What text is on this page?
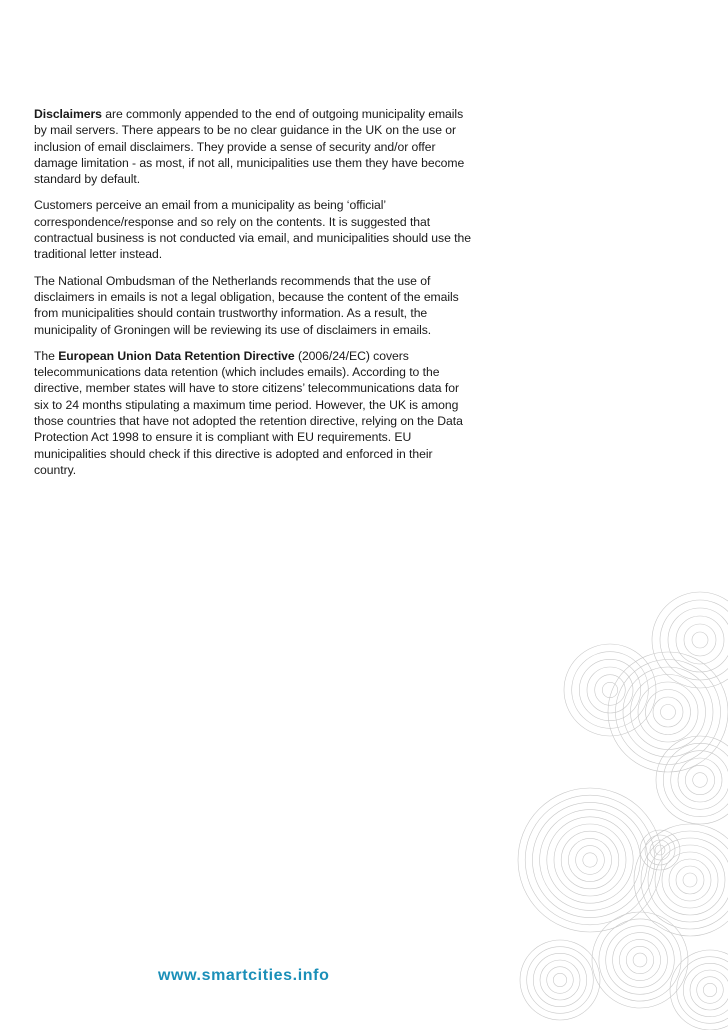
Disclaimers are commonly appended to the end of outgoing municipality emails by mail servers. There appears to be no clear guidance in the UK on the use or inclusion of email disclaimers. They provide a sense of security and/or offer damage limitation - as most, if not all, municipalities use them they have become standard by default.

Customers perceive an email from a municipality as being ‘official’ correspondence/response and so rely on the contents. It is suggested that contractual business is not conducted via email, and municipalities should use the traditional letter instead.

The National Ombudsman of the Netherlands recommends that the use of disclaimers in emails is not a legal obligation, because the content of the emails from municipalities should contain trustworthy information. As a result, the municipality of Groningen will be reviewing its use of disclaimers in emails.

The European Union Data Retention Directive (2006/24/EC) covers telecommunications data retention (which includes emails). According to the directive, member states will have to store citizens’ telecommunications data for six to 24 months stipulating a maximum time period. However, the UK is among those countries that have not adopted the retention directive, relying on the Data Protection Act 1998 to ensure it is compliant with EU requirements. EU municipalities should check if this directive is adopted and enforced in their country.

www.smartcities.info
